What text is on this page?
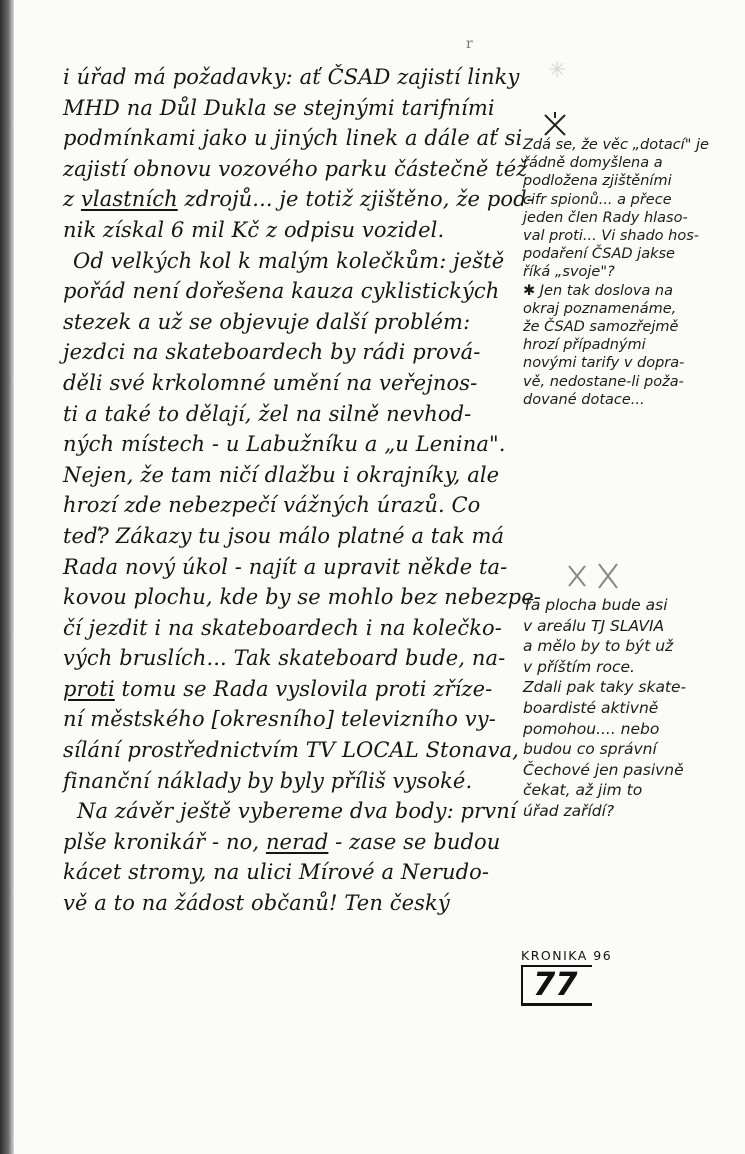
r
✳
i úřad má požadavky: ať ČSAD zajistí linky
MHD na Důl Dukla se stejnými tarifními
podmínkami jako u jiných linek a dále ať si
zajistí obnovu vozového parku částečně též
z vlastních zdrojů... je totiž zjištěno, že pod-
nik získal 6 mil Kč z odpisu vozidel.
Od velkých kol k malým kolečkům: ještě
pořád není dořešena kauza cyklistických
stezek a už se objevuje další problém:
jezdci na skateboardech by rádi prová-
děli své krkolomné umění na veřejnos-
ti a také to dělají, žel na silně nevhod-
ných místech - u Labužníku a „u Lenina".
Nejen, že tam ničí dlažbu i okrajníky, ale
hrozí zde nebezpečí vážných úrazů. Co
teď? Zákazy tu jsou málo platné a tak má
Rada nový úkol - najít a upravit někde ta-
kovou plochu, kde by se mohlo bez nebezpe-
čí jezdit i na skateboardech i na kolečko-
vých bruslích... Tak skateboard bude, na-
proti tomu se Rada vyslovila proti zříze-
ní městského [okresního] televizního vy-
sílání prostřednictvím TV LOCAL Stonava,
finanční náklady by byly příliš vysoké.
Na závěr ještě vybereme dva body: první
plše kronikář - no, nerad - zase se budou
kácet stromy, na ulici Mírové a Nerudo-
vě a to na žádost občanů! Ten český
Zdá se, že věc „dotací" je
řádně domyšlena a
podložena zjištěními
cifr spionů... a přece
jeden člen Rady hlaso-
val proti... Vi shado hos-
podaření ČSAD jakse
říká „svoje"?
✱ Jen tak doslova na
okraj poznamenáme,
že ČSAD samozřejmě
hrozí případnými
novými tarify v dopra-
vě, nedostane-li poža-
dované dotace...
Ta plocha bude asi
v areálu TJ SLAVIA
a mělo by to být už
v příštím roce.
Zdali pak taky skate-
boardisté aktivně
pomohou.... nebo
budou co správní
Čechové jen pasivně
čekat, až jim to
úřad zařídí?
KRONIKA 96
77
